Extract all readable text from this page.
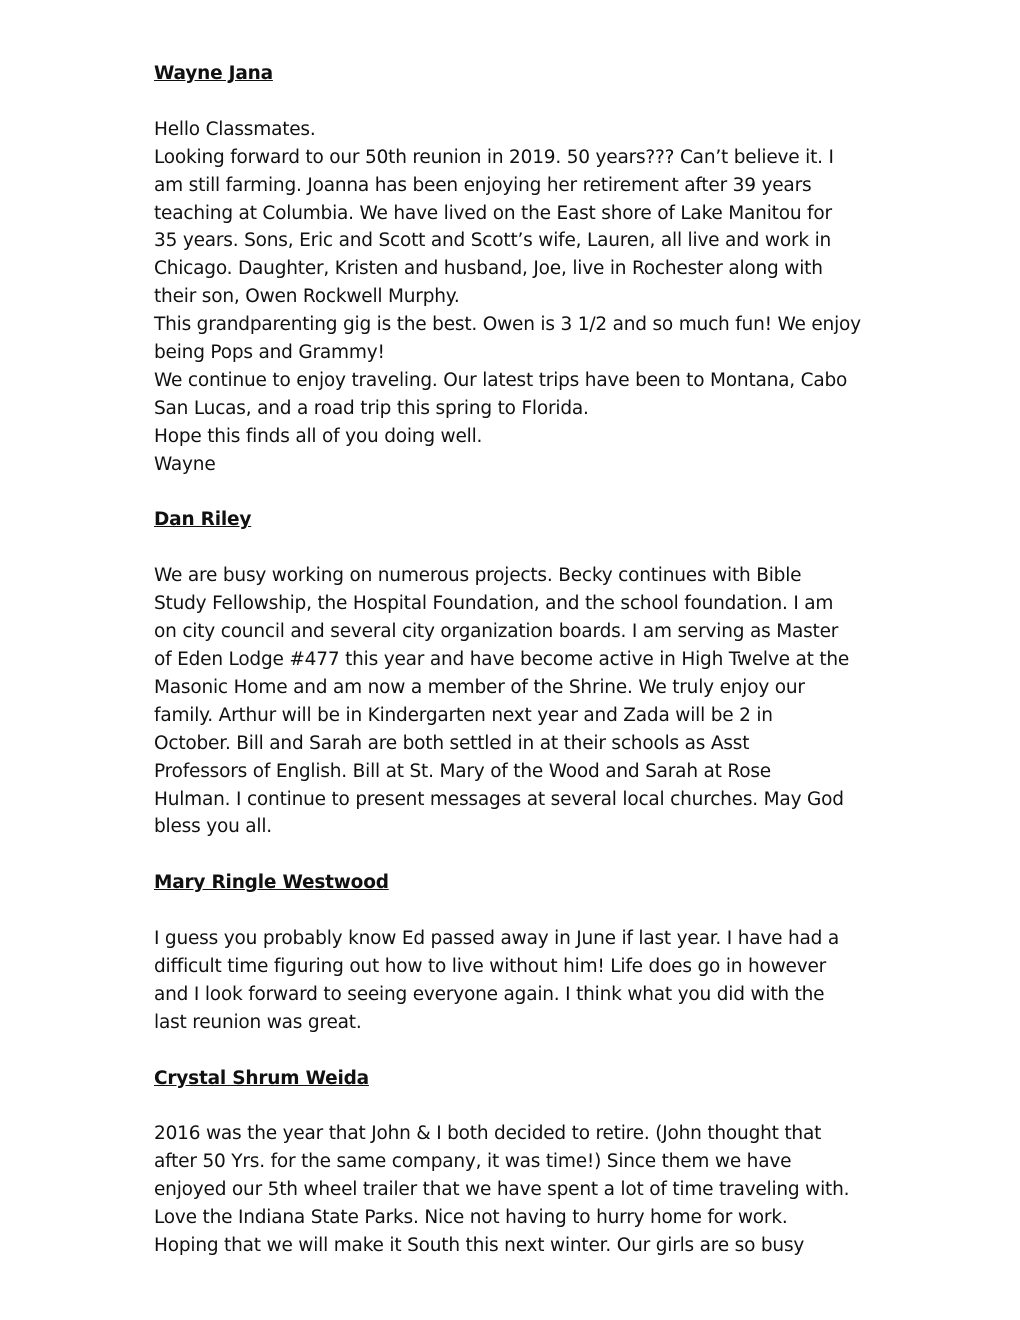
Wayne Jana

Hello Classmates.

Looking forward to our 50th reunion in 2019. 50 years??? Can’t believe it. I

am still farming. Joanna has been enjoying her retirement after 39 years

teaching at Columbia. We have lived on the East shore of Lake Manitou for

35 years. Sons, Eric and Scott and Scott’s wife, Lauren, all live and work in

Chicago. Daughter, Kristen and husband, Joe, live in Rochester along with

their son, Owen Rockwell Murphy.

This grandparenting gig is the best. Owen is 3 1/2 and so much fun! We enjoy

being Pops and Grammy!

We continue to enjoy traveling. Our latest trips have been to Montana, Cabo

San Lucas, and a road trip this spring to Florida.

Hope this finds all of you doing well.

Wayne

Dan Riley

We are busy working on numerous projects. Becky continues with Bible

Study Fellowship, the Hospital Foundation, and the school foundation. I am

on city council and several city organization boards. I am serving as Master

of Eden Lodge #477 this year and have become active in High Twelve at the

Masonic Home and am now a member of the Shrine. We truly enjoy our

family. Arthur will be in Kindergarten next year and Zada will be 2 in

October. Bill and Sarah are both settled in at their schools as Asst

Professors of English. Bill at St. Mary of the Wood and Sarah at Rose

Hulman. I continue to present messages at several local churches. May God

bless you all.

Mary Ringle Westwood

I guess you probably know Ed passed away in June if last year. I have had a

difficult time figuring out how to live without him! Life does go in however

and I look forward to seeing everyone again. I think what you did with the

last reunion was great.

Crystal Shrum Weida

2016 was the year that John & I both decided to retire. (John thought that

after 50 Yrs. for the same company, it was time!) Since them we have

enjoyed our 5th wheel trailer that we have spent a lot of time traveling with.

Love the Indiana State Parks. Nice not having to hurry home for work.

Hoping that we will make it South this next winter. Our girls are so busy
